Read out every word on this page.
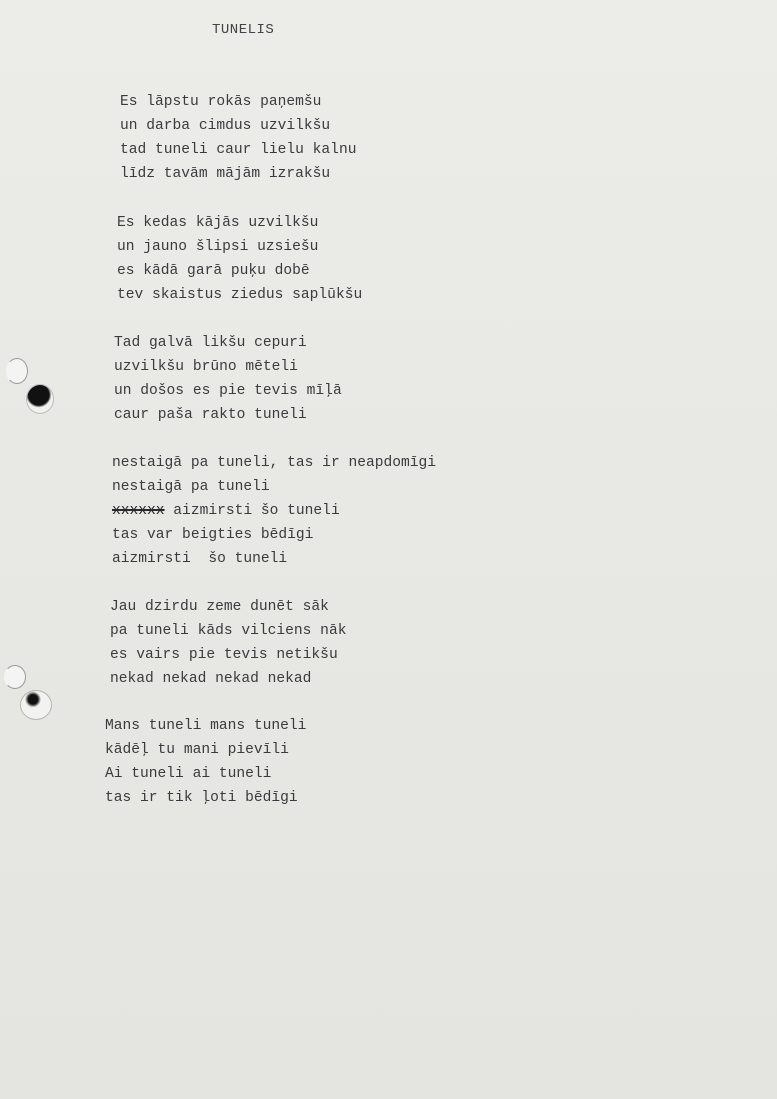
TUNELIS
Es lāpstu rokās paņemšu
un darba cimdus uzvilkšu
tad tuneli caur lielu kalnu
līdz tavām mājām izrakšu
Es kedas kājās uzvilkšu
un jauno šlipsi uzsiešu
es kādā garā puķu dobē
tev skaistus ziedus saplūkšu
Tad galvā likšu cepuri
uzvilkšu brūno mēteli
un došos es pie tevis mīļā
caur paša rakto tuneli
nestaigā pa tuneli, tas ir neapdomīgi
nestaigā pa tuneli
xxxxxx aizmirsti šo tuneli
tas var beigties bēdīgi
aizmirsti  šo tuneli
Jau dzirdu zeme dunēt sāk
pa tuneli kāds vilciens nāk
es vairs pie tevis netikšu
nekad nekad nekad nekad
Mans tuneli mans tuneli
kādēļ tu mani pievīli
Ai tuneli ai tuneli
tas ir tik ļoti bēdīgi
